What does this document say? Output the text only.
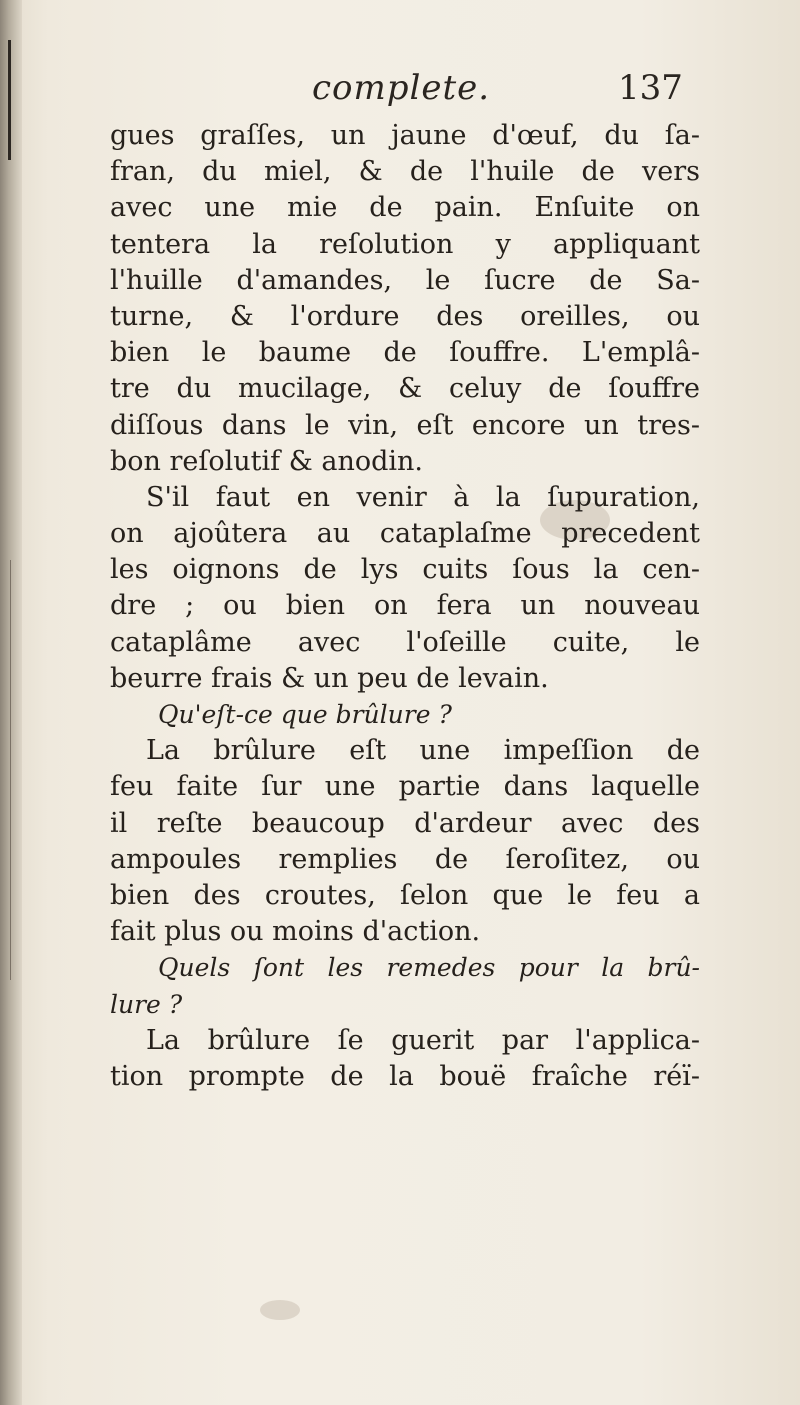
complete.	137
gues graſſes, un jaune d'œuf, du ſa-
fran, du miel, & de l'huile de vers
avec une mie de pain. Enſuite on
tentera la reſolution y appliquant
l'huille d'amandes, le ſucre de Sa-
turne, & l'ordure des oreilles, ou
bien le baume de ſouffre. L'emplâ-
tre du mucilage, & celuy de ſouffre
diſſous dans le vin, eſt encore un tres-
bon reſolutif & anodin.
S'il faut en venir à la ſupuration,
on ajoûtera au cataplaſme precedent
les oignons de lys cuits ſous la cen-
dre ; ou bien on fera un nouveau
cataplâme avec l'oſeille cuite, le
beurre frais & un peu de levain.
Qu'eſt-ce que brûlure ?
La brûlure eſt une impeſſion de
feu faite ſur une partie dans laquelle
il reſte beaucoup d'ardeur avec des
ampoules remplies de ſeroſitez, ou
bien des croutes, ſelon que le feu a
fait plus ou moins d'action.
Quels ſont les remedes pour la brû-
lure ?
La brûlure ſe guerit par l'applica-
tion prompte de la bouë fraîche réï-
